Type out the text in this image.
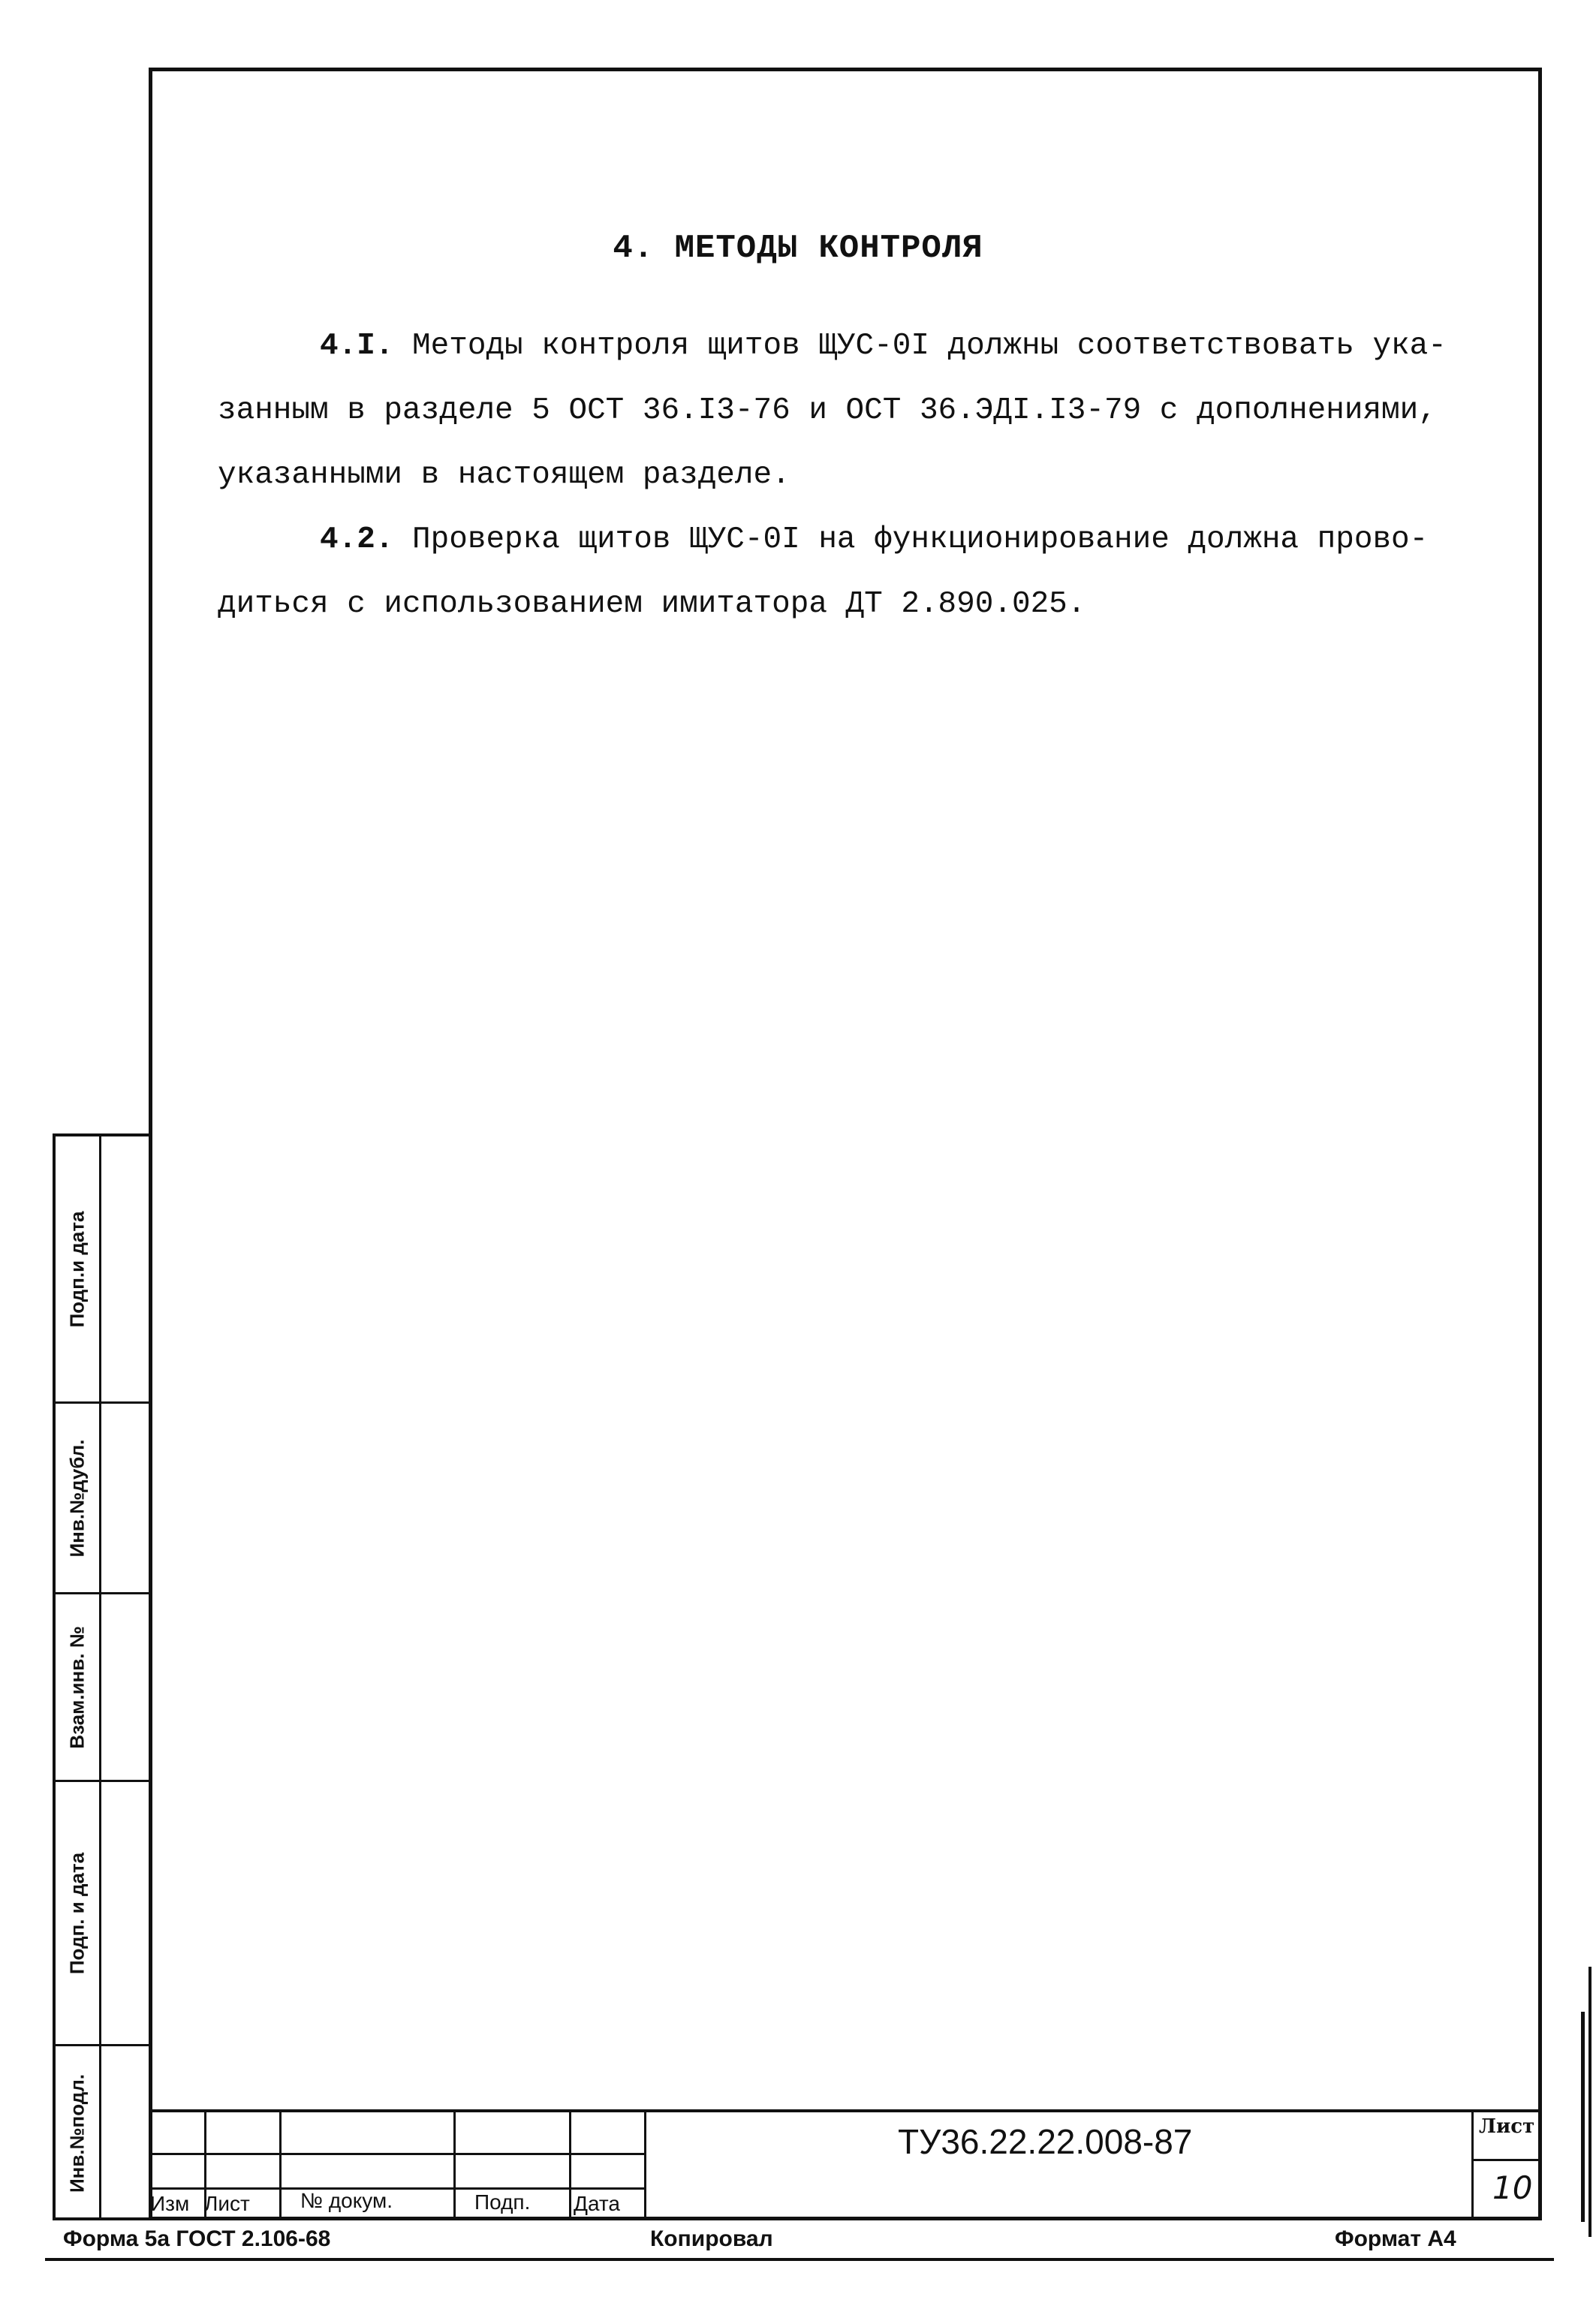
4. МЕТОДЫ КОНТРОЛЯ
4.I. Методы контроля щитов ЩУС-0I должны соответствовать ука-
занным в разделе 5 ОСТ 36.I3-76 и ОСТ 36.ЭДI.I3-79 с дополнениями,
указанными в настоящем разделе.
4.2. Проверка щитов ЩУС-0I на функционирование должна прово-
диться с использованием имитатора ДТ 2.890.025.
Подп.и дата
Инв.№дубл.
Взам.инв. №
Подп. и дата
Инв.№подл.
Изм Лист № докум.	Подп. Дата
ТУ36.22.22.008-87	Лист
10
Форма 5а ГОСТ 2.106-68	Копировал	Формат А4
